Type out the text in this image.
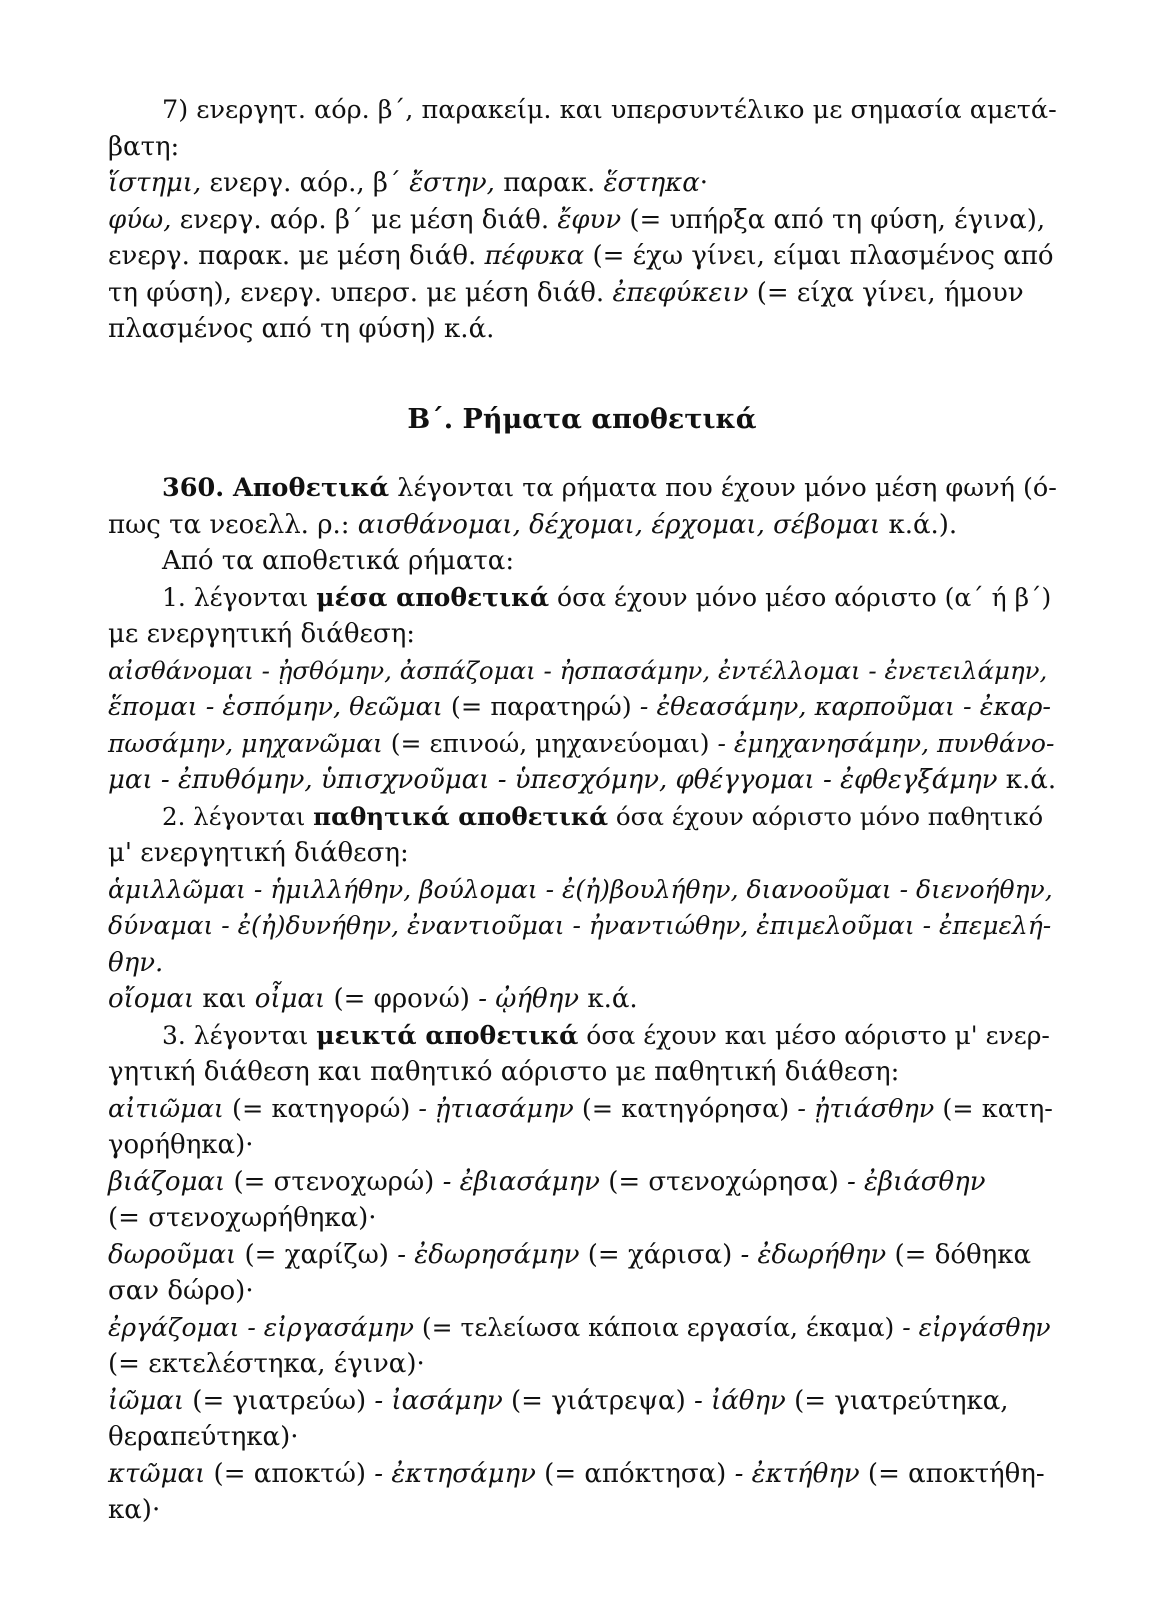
7) ενεργητ. αόρ. β΄, παρακείμ. και υπερσυντέλικο με σημασία αμετά-
βατη:
ἵστημι, ενεργ. αόρ., β΄ ἔστην, παρακ. ἕστηκα·
φύω, ενεργ. αόρ. β΄ με μέση διάθ. ἔφυν (= υπήρξα από τη φύση, έγινα),
ενεργ. παρακ. με μέση διάθ. πέφυκα (= έχω γίνει, είμαι πλασμένος από
τη φύση), ενεργ. υπερσ. με μέση διάθ. ἐπεφύκειν (= είχα γίνει, ήμουν
πλασμένος από τη φύση) κ.ά.
Β΄. Ρήματα αποθετικά
360. Αποθετικά λέγονται τα ρήματα που έχουν μόνο μέση φωνή (ό-
πως τα νεοελλ. ρ.: αισθάνομαι, δέχομαι, έρχομαι, σέβομαι κ.ά.).
Από τα αποθετικά ρήματα:
1. λέγονται μέσα αποθετικά όσα έχουν μόνο μέσο αόριστο (α΄ ή β΄)
με ενεργητική διάθεση:
αἰσθάνομαι - ᾐσθόμην, ἀσπάζομαι - ἠσπασάμην, ἐντέλλομαι - ἐνετειλάμην,
ἕπομαι - ἑσπόμην, θεῶμαι (= παρατηρώ) - ἐθεασάμην, καρποῦμαι - ἐκαρ-
πωσάμην, μηχανῶμαι (= επινοώ, μηχανεύομαι) - ἐμηχανησάμην, πυνθάνο-
μαι - ἐπυθόμην, ὑπισχνοῦμαι - ὑπεσχόμην, φθέγγομαι - ἐφθεγξάμην κ.ά.
2. λέγονται παθητικά αποθετικά όσα έχουν αόριστο μόνο παθητικό
μ' ενεργητική διάθεση:
ἁμιλλῶμαι - ἡμιλλήθην, βούλομαι - ἐ(ἠ)βουλήθην, διανοοῦμαι - διενοήθην,
δύναμαι - ἐ(ἠ)δυνήθην, ἐναντιοῦμαι - ἠναντιώθην, ἐπιμελοῦμαι - ἐπεμελή-
θην.
οἴομαι και οἶμαι (= φρονώ) - ᾠήθην κ.ά.
3. λέγονται μεικτά αποθετικά όσα έχουν και μέσο αόριστο μ' ενερ-
γητική διάθεση και παθητικό αόριστο με παθητική διάθεση:
αἰτιῶμαι (= κατηγορώ) - ᾐτιασάμην (= κατηγόρησα) - ᾐτιάσθην (= κατη-
γορήθηκα)·
βιάζομαι (= στενοχωρώ) - ἐβιασάμην (= στενοχώρησα) - ἐβιάσθην
(= στενοχωρήθηκα)·
δωροῦμαι (= χαρίζω) - ἐδωρησάμην (= χάρισα) - ἐδωρήθην (= δόθηκα
σαν δώρο)·
ἐργάζομαι - εἰργασάμην (= τελείωσα κάποια εργασία, έκαμα) - εἰργάσθην
(= εκτελέστηκα, έγινα)·
ἰῶμαι (= γιατρεύω) - ἰασάμην (= γιάτρεψα) - ἰάθην (= γιατρεύτηκα,
θεραπεύτηκα)·
κτῶμαι (= αποκτώ) - ἐκτησάμην (= απόκτησα) - ἐκτήθην (= αποκτήθη-
κα)·
